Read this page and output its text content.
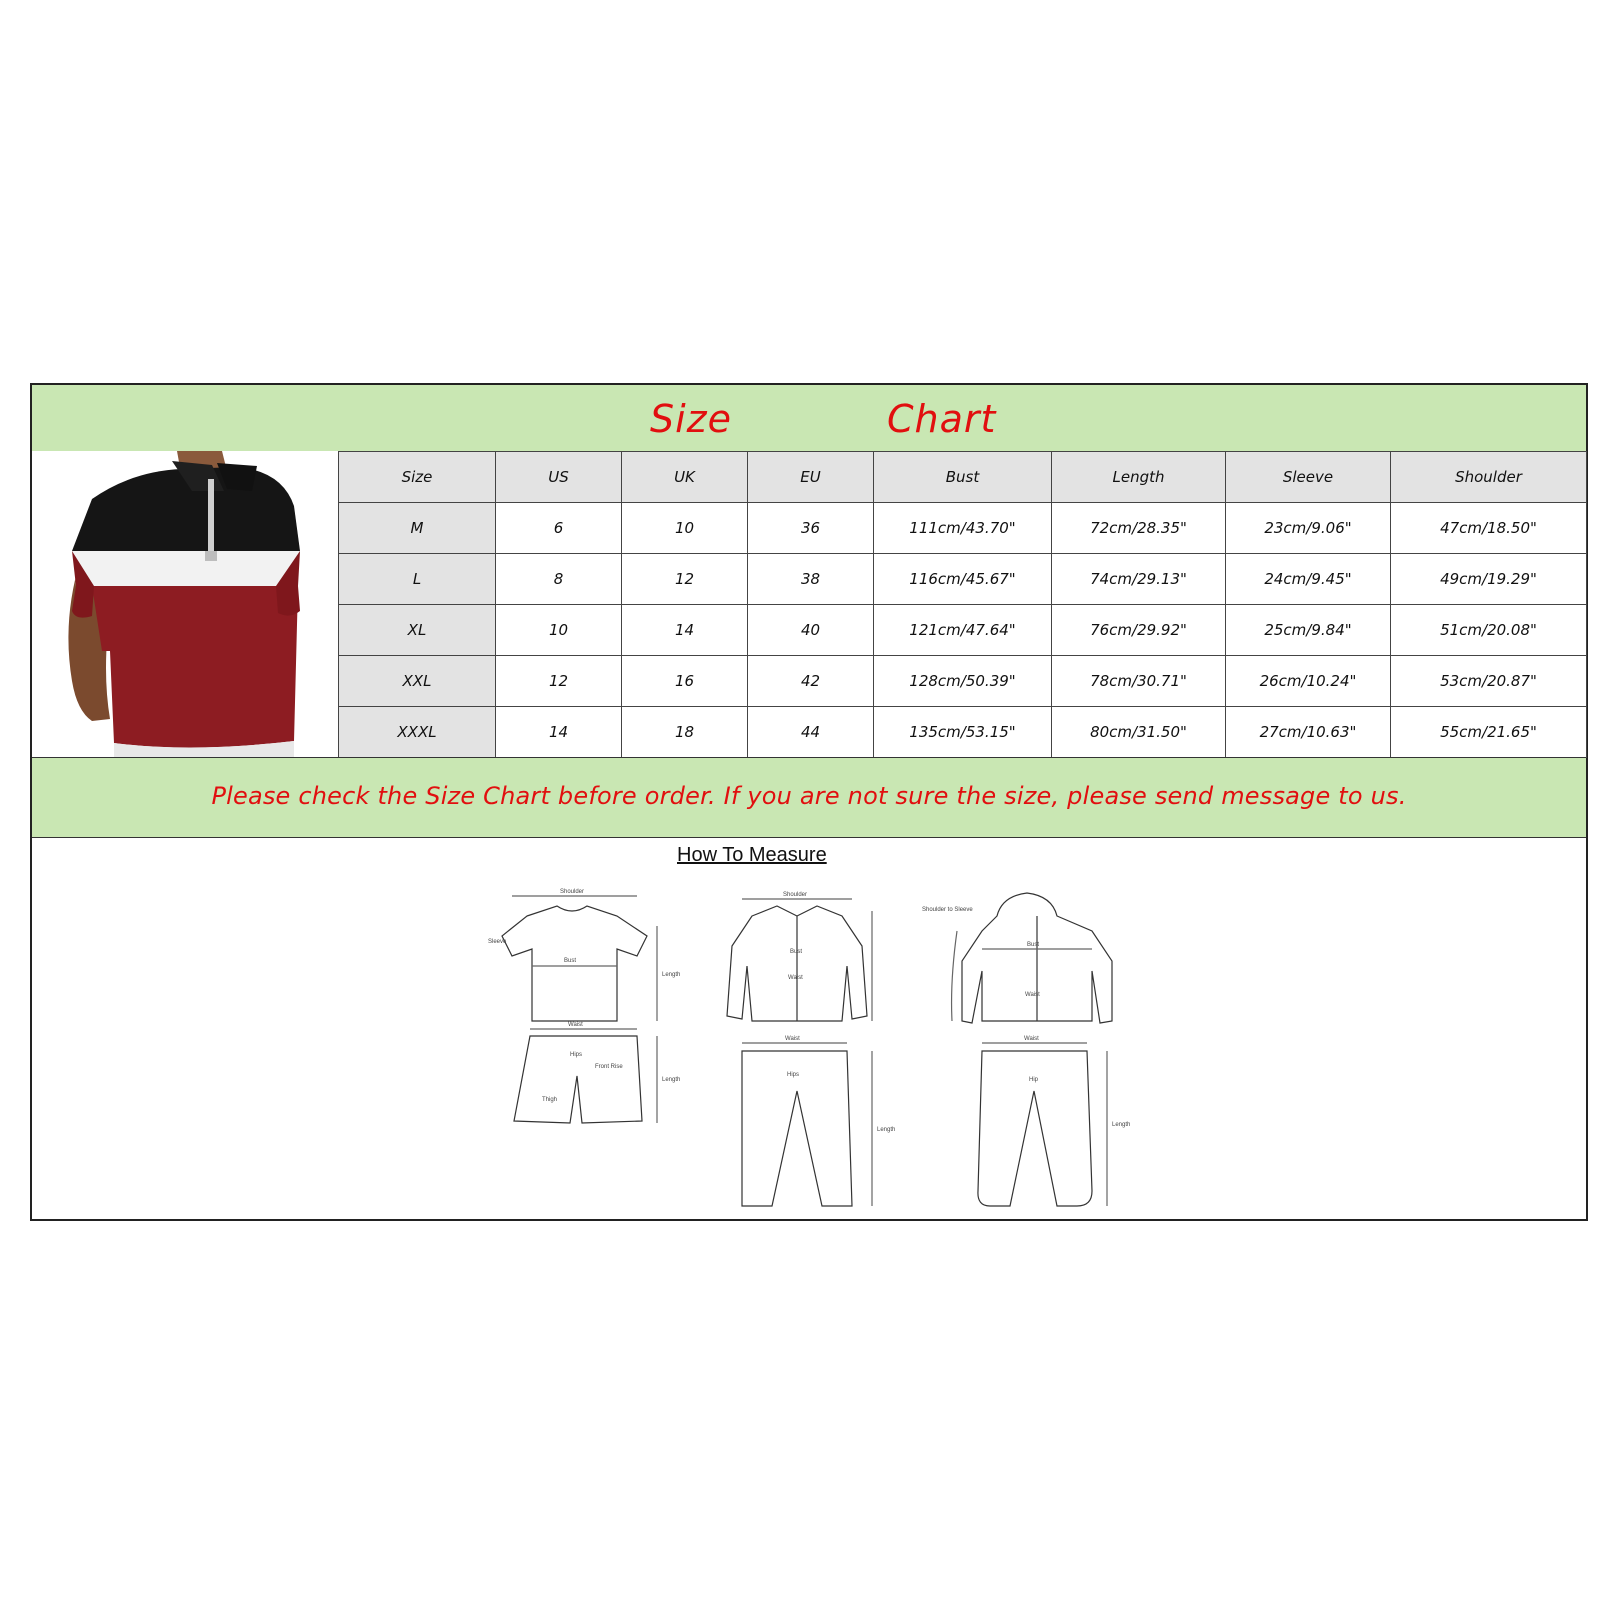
Size	Chart
Size	US	UK	EU	Bust	Length	Sleeve	Shoulder
M	6	10	36	111cm/43.70"	72cm/28.35"	23cm/9.06"	47cm/18.50"
L	8	12	38	116cm/45.67"	74cm/29.13"	24cm/9.45"	49cm/19.29"
XL	10	14	40	121cm/47.64"	76cm/29.92"	25cm/9.84"	51cm/20.08"
XXL	12	16	42	128cm/50.39"	78cm/30.71"	26cm/10.24"	53cm/20.87"
XXXL	14	18	44	135cm/53.15"	80cm/31.50"	27cm/10.63"	55cm/21.65"
Please check the Size Chart before order. If you are not sure the size, please send message to us.
How To Measure
Shoulder
Bust
Length
Sleeve
Waist
Hips
Front Rise
Thigh
Length
Shoulder
Bust
Waist
Waist
Hips
Length
Bust
Waist
Shoulder to Sleeve
Waist
Hip
Length
